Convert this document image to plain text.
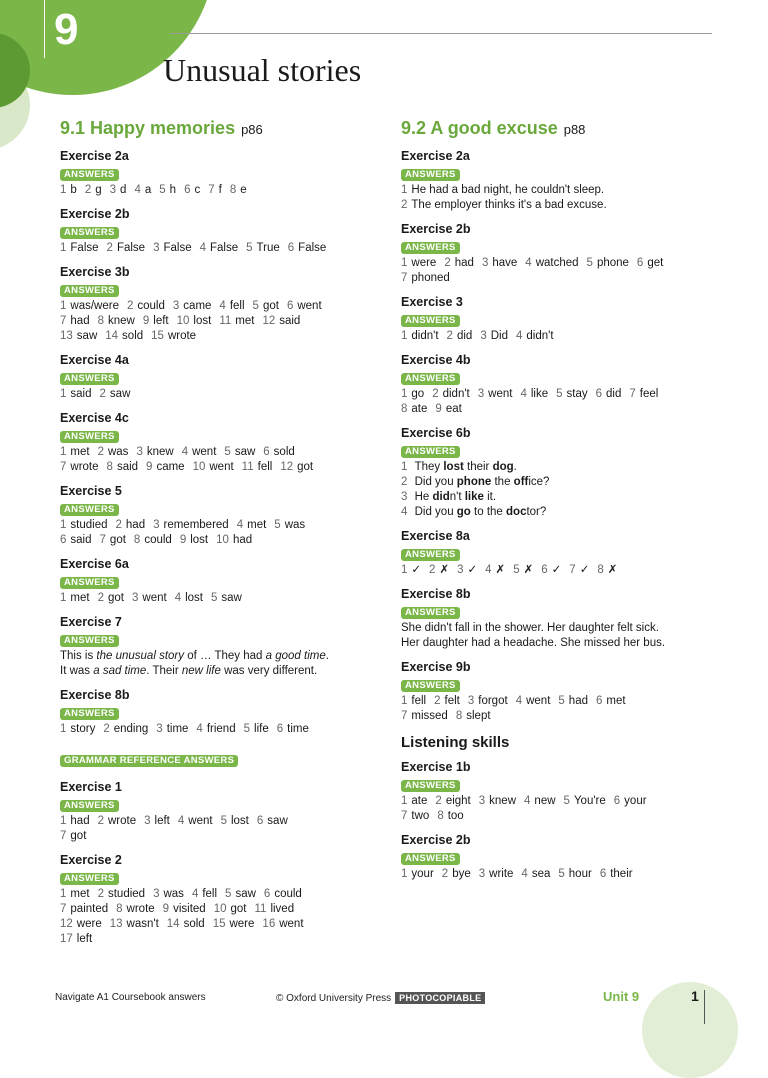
9
Unusual stories
9.1 Happy memories p86
Exercise 2a
ANSWERS
1 b 2 g 3 d 4 a 5 h 6 c 7 f 8 e
Exercise 2b
ANSWERS
1 False 2 False 3 False 4 False 5 True 6 False
Exercise 3b
ANSWERS
1 was/were 2 could 3 came 4 fell 5 got 6 went
7 had 8 knew 9 left 10 lost 11 met 12 said
13 saw 14 sold 15 wrote
Exercise 4a
ANSWERS
1 said 2 saw
Exercise 4c
ANSWERS
1 met 2 was 3 knew 4 went 5 saw 6 sold
7 wrote 8 said 9 came 10 went 11 fell 12 got
Exercise 5
ANSWERS
1 studied 2 had 3 remembered 4 met 5 was
6 said 7 got 8 could 9 lost 10 had
Exercise 6a
ANSWERS
1 met 2 got 3 went 4 lost 5 saw
Exercise 7
ANSWERS
This is the unusual story of … They had a good time.
It was a sad time. Their new life was very different.
Exercise 8b
ANSWERS
1 story 2 ending 3 time 4 friend 5 life 6 time
GRAMMAR REFERENCE ANSWERS
Exercise 1
ANSWERS
1 had 2 wrote 3 left 4 went 5 lost 6 saw
7 got
Exercise 2
ANSWERS
1 met 2 studied 3 was 4 fell 5 saw 6 could
7 painted 8 wrote 9 visited 10 got 11 lived
12 were 13 wasn't 14 sold 15 were 16 went
17 left
9.2 A good excuse p88
Exercise 2a
ANSWERS
1 He had a bad night, he couldn't sleep.
2 The employer thinks it's a bad excuse.
Exercise 2b
ANSWERS
1 were 2 had 3 have 4 watched 5 phone 6 get
7 phoned
Exercise 3
ANSWERS
1 didn't 2 did 3 Did 4 didn't
Exercise 4b
ANSWERS
1 go 2 didn't 3 went 4 like 5 stay 6 did 7 feel
8 ate 9 eat
Exercise 6b
ANSWERS
1 They lost their dog.
2 Did you phone the office?
3 He didn't like it.
4 Did you go to the doctor?
Exercise 8a
ANSWERS
1 ✓ 2 ✗ 3 ✓ 4 ✗ 5 ✗ 6 ✓ 7 ✓ 8 ✗
Exercise 8b
ANSWERS
She didn't fall in the shower. Her daughter felt sick.
Her daughter had a headache. She missed her bus.
Exercise 9b
ANSWERS
1 fell 2 felt 3 forgot 4 went 5 had 6 met
7 missed 8 slept
Listening skills
Exercise 1b
ANSWERS
1 ate 2 eight 3 knew 4 new 5 You're 6 your
7 two 8 too
Exercise 2b
ANSWERS
1 your 2 bye 3 write 4 sea 5 hour 6 their
Navigate A1 Coursebook answers	© Oxford University Press PHOTOCOPIABLE	Unit 9	1
